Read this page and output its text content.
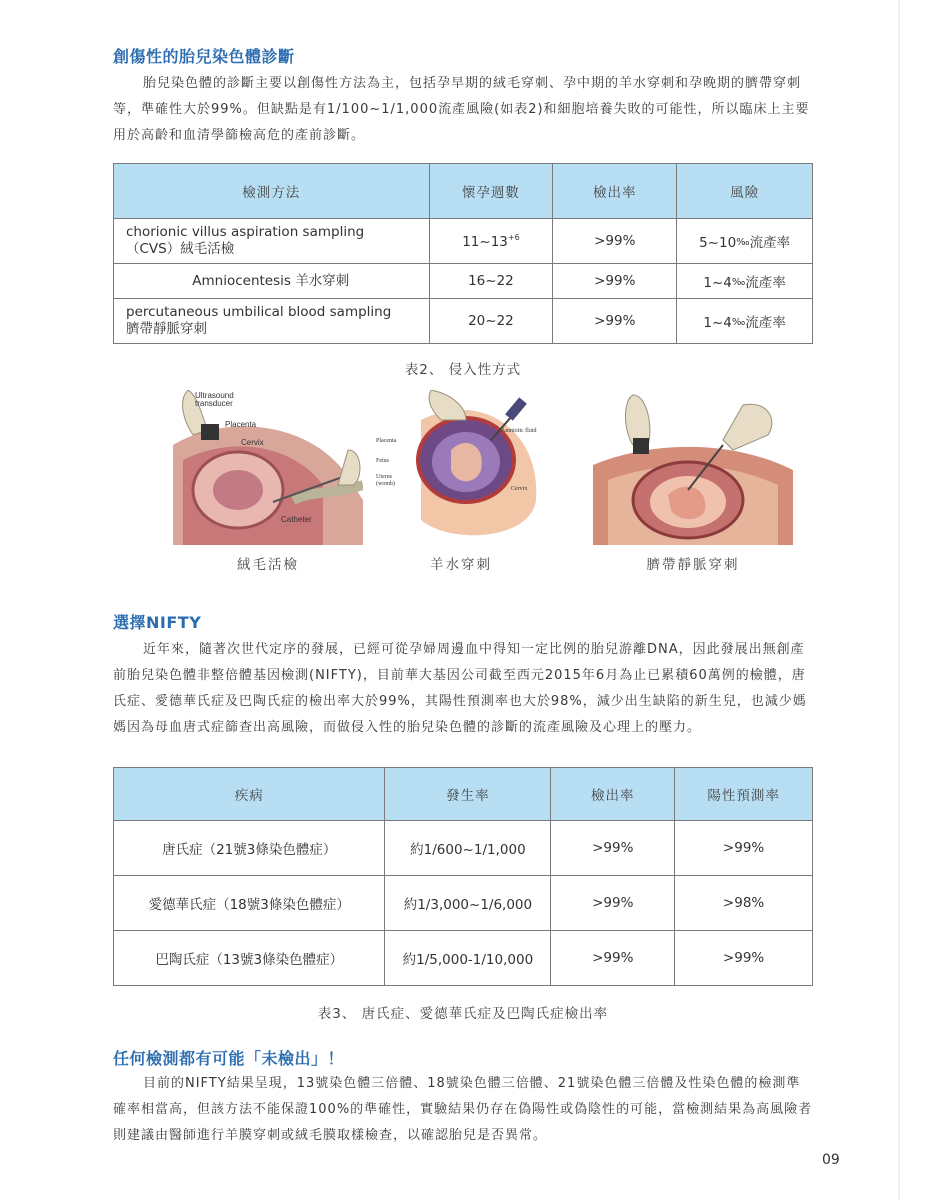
創傷性的胎兒染色體診斷

胎兒染色體的診斷主要以創傷性方法為主，包括孕早期的絨毛穿刺、孕中期的羊水穿刺和孕晚期的臍帶穿刺等，準確性大於99%。但缺點是有1/100~1/1,000流產風險(如表2)和細胞培養失敗的可能性，所以臨床上主要用於高齡和血清學篩檢高危的產前診斷。

檢測方法	懷孕週數	檢出率	風險

chorionic villus aspiration sampling
（CVS）絨毛活檢	$11\sim 13^{+6}$	>99%	5~10‰流產率
Amniocentesis 羊水穿刺	16~22	>99%	1~4‰流產率

percutaneous umbilical blood sampling
臍帶靜脈穿刺	20~22	>99%	1~4‰流產率
表2、 侵入性方式
Ultrasound
transducer
Placenta
Cervix
Catheter
絨毛活檢
Placenta
Fetus
Uterus
(womb)
Amniotic fluid
Cervix
羊水穿刺	臍帶靜脈穿刺
選擇NIFTY

近年來，隨著次世代定序的發展，已經可從孕婦周邊血中得知一定比例的胎兒游離DNA，因此發展出無創產前胎兒染色體非整倍體基因檢測(NIFTY)，目前華大基因公司截至西元2015年6月為止已累積60萬例的檢體，唐氏症、愛德華氏症及巴陶氏症的檢出率大於99%，其陽性預測率也大於98%，減少出生缺陷的新生兒，也減少媽媽因為母血唐式症篩查出高風險，而做侵入性的胎兒染色體的診斷的流產風險及心理上的壓力。

疾病	發生率	檢出率	陽性預測率
唐氏症（21號3條染色體症）	約1/600~1/1,000	>99%	>99%
愛德華氏症（18號3條染色體症）	約1/3,000~1/6,000	>99%	>98%
巴陶氏症（13號3條染色體症）	約1/5,000-1/10,000	>99%	>99%
表3、 唐氏症、愛德華氏症及巴陶氏症檢出率
任何檢測都有可能「未檢出」！

目前的NIFTY結果呈現，13號染色體三倍體、18號染色體三倍體、21號染色體三倍體及性染色體的檢測準確率相當高，但該方法不能保證100%的準確性，實驗結果仍存在偽陽性或偽陰性的可能，當檢測結果為高風險者則建議由醫師進行羊膜穿刺或絨毛膜取樣檢查，以確認胎兒是否異常。

09
